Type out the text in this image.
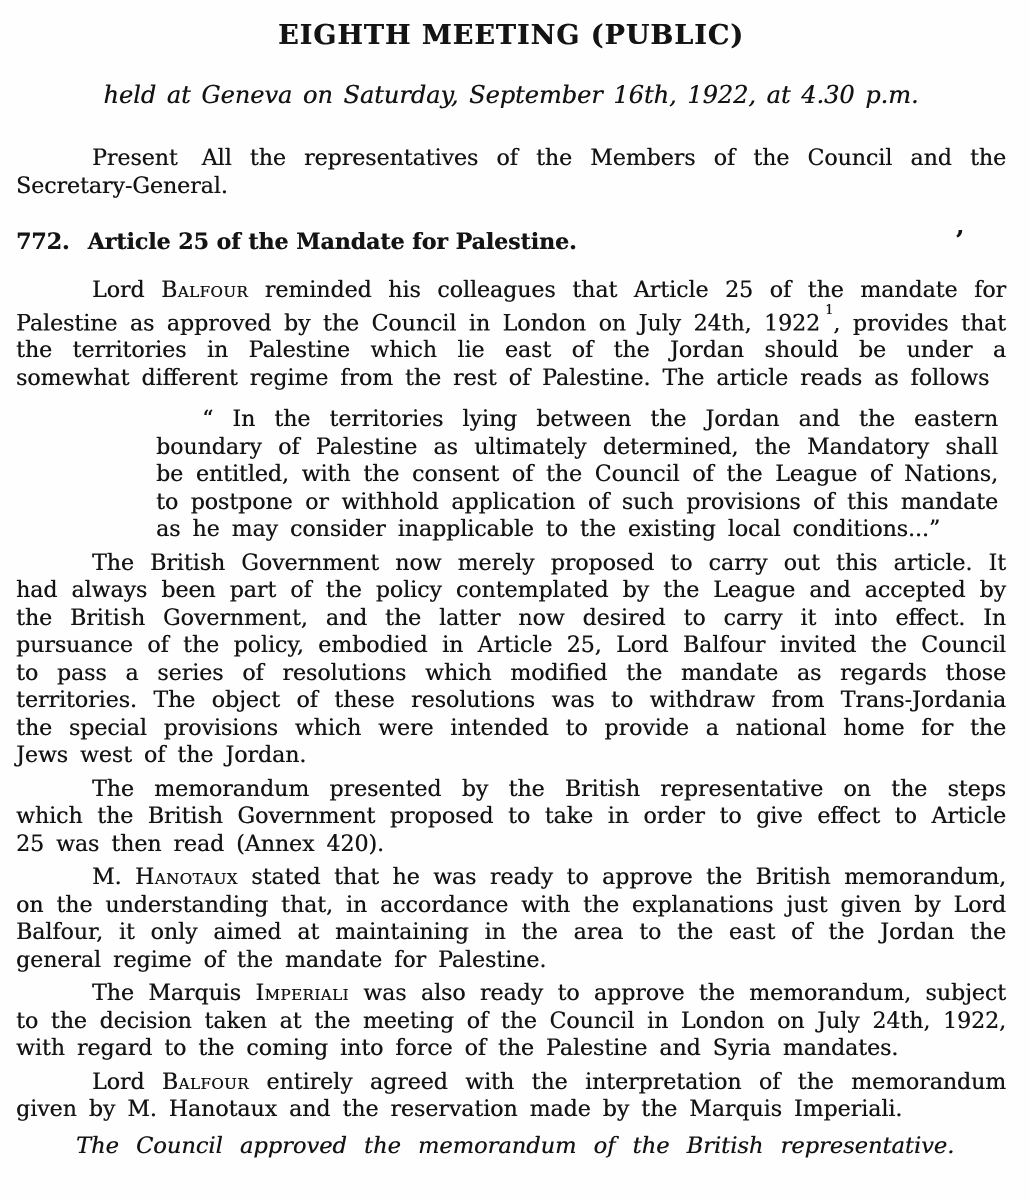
EIGHTH MEETING (PUBLIC)

held at Geneva on Saturday, September 16th, 1922, at 4.30 p.m.

Present All the representatives of the Members of the Council and the Secretary-General.

772. Article 25 of the Mandate for Palestine.	’

Lord Balfour reminded his colleagues that Article 25 of the mandate for Palestine as approved by the Council in London on July 24th, 1922$^1$, provides that the territories in Palestine which lie east of the Jordan should be under a somewhat different regime from the rest of Palestine. The article reads as follows

“ In the territories lying between the Jordan and the eastern boundary of Palestine as ultimately determined, the Mandatory shall be entitled, with the consent of the Council of the League of Nations, to postpone or withhold application of such provisions of this mandate as he may consider inapplicable to the existing local conditions...”

The British Government now merely proposed to carry out this article. It had always been part of the policy contemplated by the League and accepted by the British Government, and the latter now desired to carry it into effect. In pursuance of the policy, embodied in Article 25, Lord Balfour invited the Council to pass a series of resolutions which modified the mandate as regards those territories. The object of these resolutions was to withdraw from Trans-Jordania the special provisions which were intended to provide a national home for the Jews west of the Jordan.

The memorandum presented by the British representative on the steps which the British Government proposed to take in order to give effect to Article 25 was then read (Annex 420).

M. Hanotaux stated that he was ready to approve the British memorandum, on the understanding that, in accordance with the explanations just given by Lord Balfour, it only aimed at maintaining in the area to the east of the Jordan the general regime of the mandate for Palestine.

The Marquis Imperiali was also ready to approve the memorandum, subject to the decision taken at the meeting of the Council in London on July 24th, 1922, with regard to the coming into force of the Palestine and Syria mandates.

Lord Balfour entirely agreed with the interpretation of the memorandum given by M. Hanotaux and the reservation made by the Marquis Imperiali.

The Council approved the memorandum of the British representative.
